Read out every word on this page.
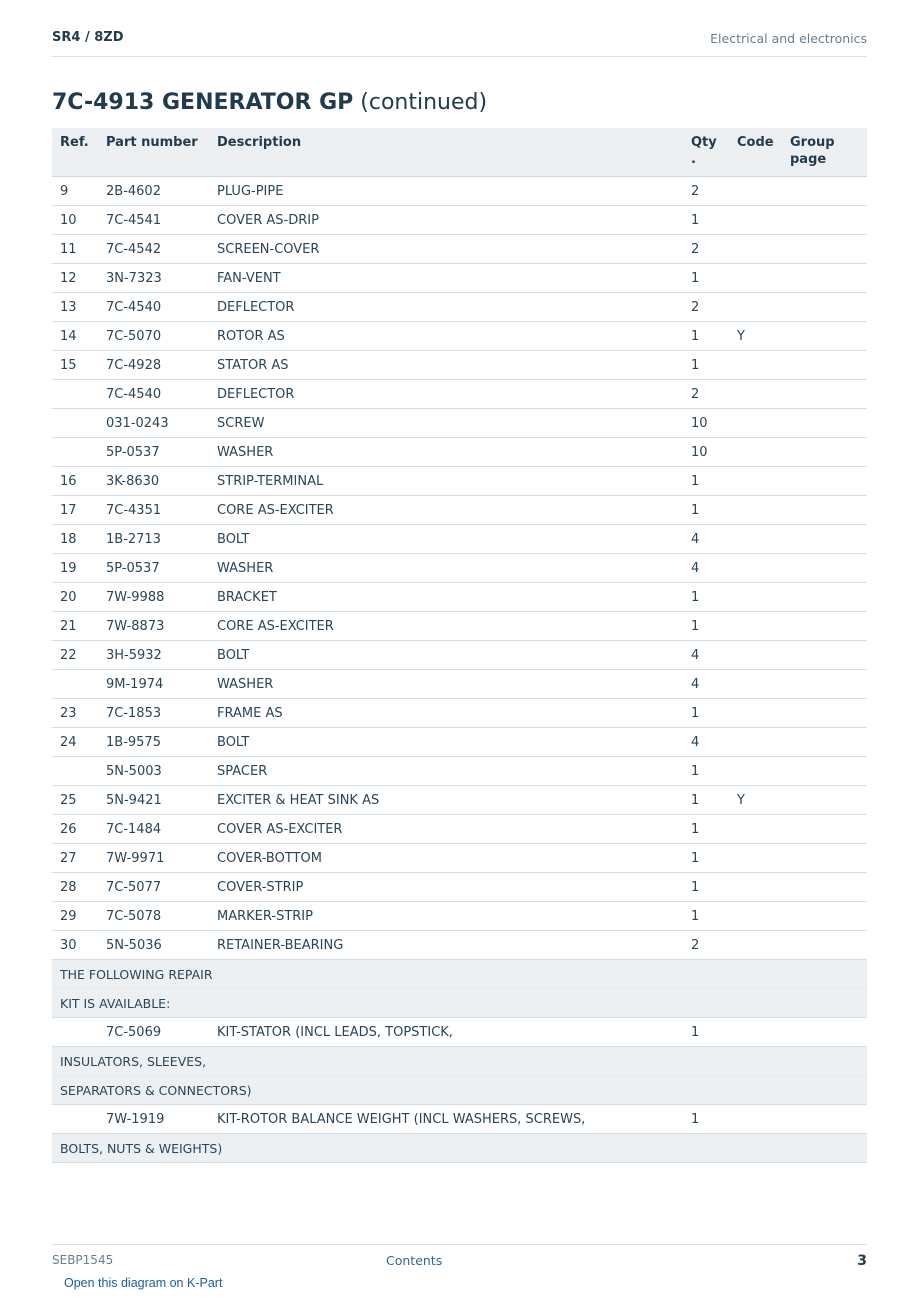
SR4 / 8ZD	Electrical and electronics
7C-4913 GENERATOR GP (continued)
Ref.	Part number	Description	Qty .	Code	Group page
9	2B-4602	PLUG-PIPE	2		
10	7C-4541	COVER AS-DRIP	1		
11	7C-4542	SCREEN-COVER	2		
12	3N-7323	FAN-VENT	1		
13	7C-4540	DEFLECTOR	2		
14	7C-5070	ROTOR AS	1	Y	
15	7C-4928	STATOR AS	1		
	7C-4540	DEFLECTOR	2		
	031-0243	SCREW	10		
	5P-0537	WASHER	10		
16	3K-8630	STRIP-TERMINAL	1		
17	7C-4351	CORE AS-EXCITER	1		
18	1B-2713	BOLT	4		
19	5P-0537	WASHER	4		
20	7W-9988	BRACKET	1		
21	7W-8873	CORE AS-EXCITER	1		
22	3H-5932	BOLT	4		
	9M-1974	WASHER	4		
23	7C-1853	FRAME AS	1		
24	1B-9575	BOLT	4		
	5N-5003	SPACER	1		
25	5N-9421	EXCITER & HEAT SINK AS	1	Y	
26	7C-1484	COVER AS-EXCITER	1		
27	7W-9971	COVER-BOTTOM	1		
28	7C-5077	COVER-STRIP	1		
29	7C-5078	MARKER-STRIP	1		
30	5N-5036	RETAINER-BEARING	2		
THE FOLLOWING REPAIR					
KIT IS AVAILABLE:					
	7C-5069	KIT-STATOR (INCL LEADS, TOPSTICK,	1		
INSULATORS, SLEEVES,					
SEPARATORS & CONNECTORS)					
	7W-1919	KIT-ROTOR BALANCE WEIGHT (INCL WASHERS, SCREWS,	1		
BOLTS, NUTS & WEIGHTS)					
SEBP1545	Contents	3
Open this diagram on K-Part
